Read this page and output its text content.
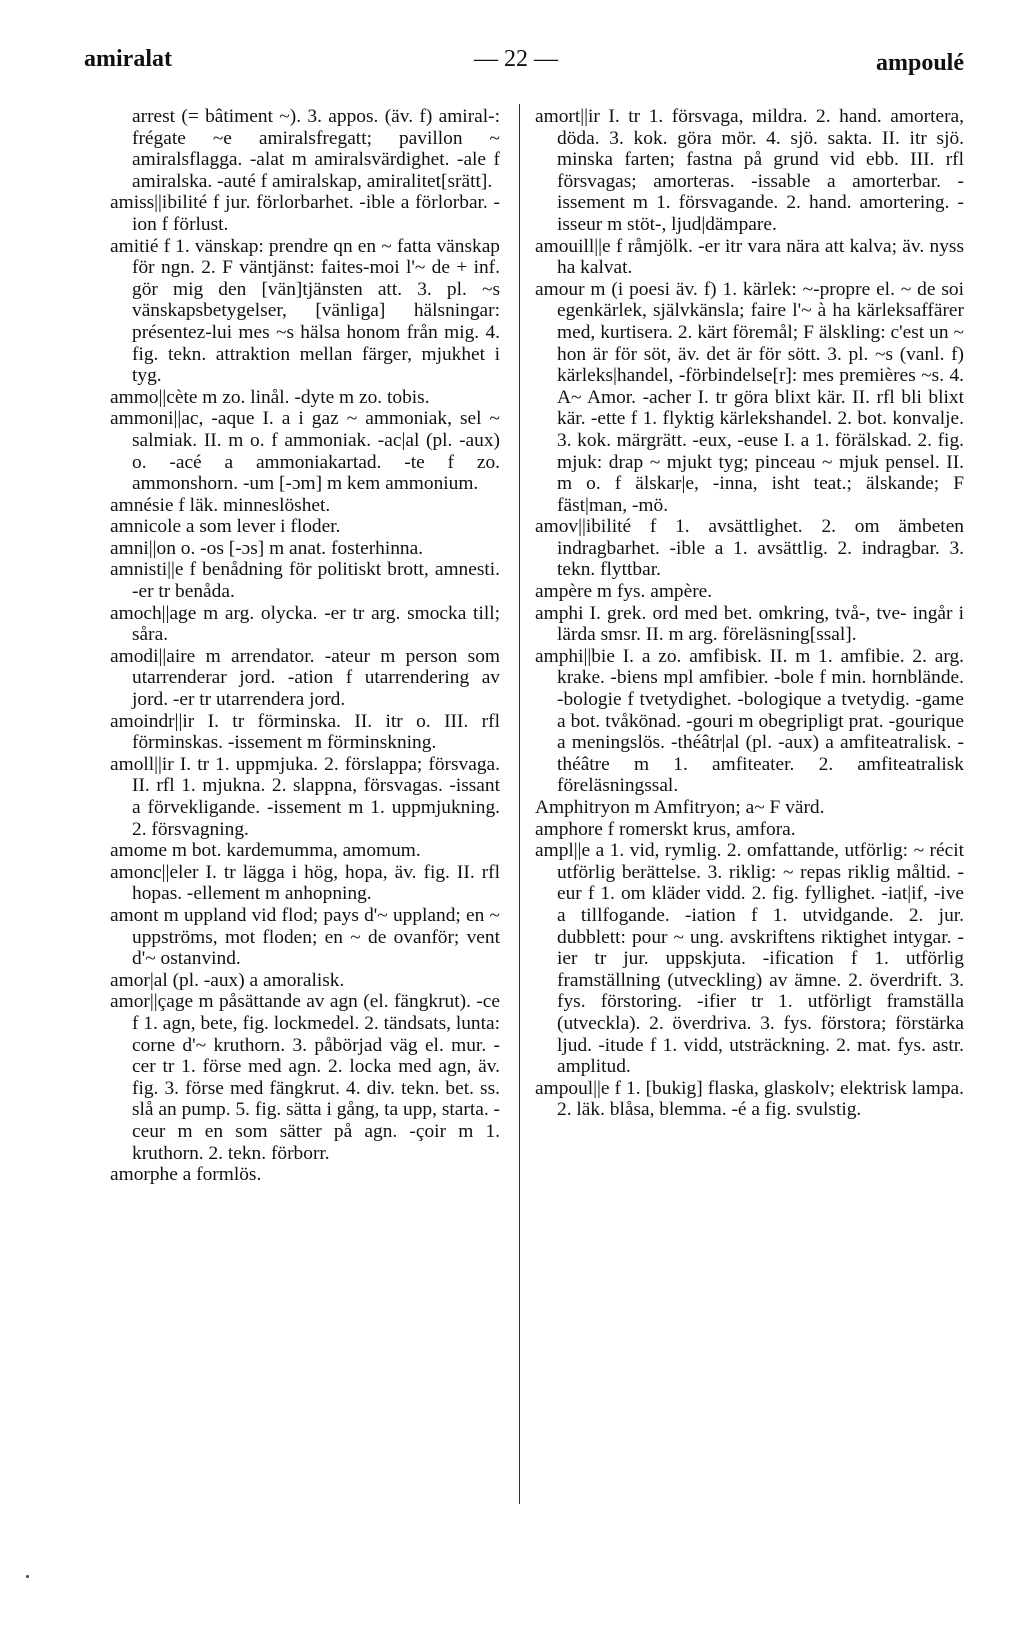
amiralat	— 22 —	ampoulé

arrest (= bâtiment ~). 3. appos. (äv. f) amiral-: frégate ~e amiralsfregatt; pavillon ~ amiralsflagga. -alat m amiralsvärdighet. -ale f amiralska. -auté f amiralskap, amiralitet[srätt].

amiss||ibilité f jur. förlorbarhet. -ible a förlorbar. -ion f förlust.

amitié f 1. vänskap: prendre qn en ~ fatta vänskap för ngn. 2. F väntjänst: faites-moi l'~ de + inf. gör mig den [vän]tjänsten att. 3. pl. ~s vänskapsbetygelser, [vänliga] hälsningar: présentez-lui mes ~s hälsa honom från mig. 4. fig. tekn. attraktion mellan färger, mjukhet i tyg.

ammo||cète m zo. linål. -dyte m zo. tobis.

ammoni||ac, -aque I. a i gaz ~ ammoniak, sel ~ salmiak. II. m o. f ammoniak. -ac|al (pl. -aux) o. -acé a ammoniakartad. -te f zo. ammonshorn. -um [-ɔm] m kem ammonium.

amnésie f läk. minneslöshet.

amnicole a som lever i floder.

amni||on o. -os [-ɔs] m anat. fosterhinna.

amnisti||e f benådning för politiskt brott, amnesti. -er tr benåda.

amoch||age m arg. olycka. -er tr arg. smocka till; såra.

amodi||aire m arrendator. -ateur m person som utarrenderar jord. -ation f utarrendering av jord. -er tr utarrendera jord.

amoindr||ir I. tr förminska. II. itr o. III. rfl förminskas. -issement m förminskning.

amoll||ir I. tr 1. uppmjuka. 2. förslappa; försvaga. II. rfl 1. mjukna. 2. slappna, försvagas. -issant a förvekligande. -issement m 1. uppmjukning. 2. försvagning.

amome m bot. kardemumma, amomum.

amonc||eler I. tr lägga i hög, hopa, äv. fig. II. rfl hopas. -ellement m anhopning.

amont m uppland vid flod; pays d'~ uppland; en ~ uppströms, mot floden; en ~ de ovanför; vent d'~ ostanvind.

amor|al (pl. -aux) a amoralisk.

amor||çage m påsättande av agn (el. fängkrut). -ce f 1. agn, bete, fig. lockmedel. 2. tändsats, lunta: corne d'~ kruthorn. 3. påbörjad väg el. mur. -cer tr 1. förse med agn. 2. locka med agn, äv. fig. 3. förse med fängkrut. 4. div. tekn. bet. ss. slå an pump. 5. fig. sätta i gång, ta upp, starta. -ceur m en som sätter på agn. -çoir m 1. kruthorn. 2. tekn. förborr.

amorphe a formlös.

amort||ir I. tr 1. försvaga, mildra. 2. hand. amortera, döda. 3. kok. göra mör. 4. sjö. sakta. II. itr sjö. minska farten; fastna på grund vid ebb. III. rfl försvagas; amorteras. -issable a amorterbar. -issement m 1. försvagande. 2. hand. amortering. -isseur m stöt-, ljud|dämpare.

amouill||e f råmjölk. -er itr vara nära att kalva; äv. nyss ha kalvat.

amour m (i poesi äv. f) 1. kärlek: ~-propre el. ~ de soi egenkärlek, självkänsla; faire l'~ à ha kärleksaffärer med, kurtisera. 2. kärt föremål; F älskling: c'est un ~ hon är för söt, äv. det är för sött. 3. pl. ~s (vanl. f) kärleks|handel, -förbindelse[r]: mes premières ~s. 4. A~ Amor. -acher I. tr göra blixt kär. II. rfl bli blixt kär. -ette f 1. flyktig kärlekshandel. 2. bot. konvalje. 3. kok. märgrätt. -eux, -euse I. a 1. förälskad. 2. fig. mjuk: drap ~ mjukt tyg; pinceau ~ mjuk pensel. II. m o. f älskar|e, -inna, isht teat.; älskande; F fäst|man, -mö.

amov||ibilité f 1. avsättlighet. 2. om ämbeten indragbarhet. -ible a 1. avsättlig. 2. indragbar. 3. tekn. flyttbar.

ampère m fys. ampère.

amphi I. grek. ord med bet. omkring, två-, tve- ingår i lärda smsr. II. m arg. föreläsning[ssal].

amphi||bie I. a zo. amfibisk. II. m 1. amfibie. 2. arg. krake. -biens mpl amfibier. -bole f min. hornblände. -bologie f tvetydighet. -bologique a tvetydig. -game a bot. tvåkönad. -gouri m obegripligt prat. -gourique a meningslös. -théâtr|al (pl. -aux) a amfiteatralisk. -théâtre m 1. amfiteater. 2. amfiteatralisk föreläsningssal.

Amphitryon m Amfitryon; a~ F värd.

amphore f romerskt krus, amfora.

ampl||e a 1. vid, rymlig. 2. omfattande, utförlig: ~ récit utförlig berättelse. 3. riklig: ~ repas riklig måltid. -eur f 1. om kläder vidd. 2. fig. fyllighet. -iat|if, -ive a tillfogande. -iation f 1. utvidgande. 2. jur. dubblett: pour ~ ung. avskriftens riktighet intygar. -ier tr jur. uppskjuta. -ification f 1. utförlig framställning (utveckling) av ämne. 2. överdrift. 3. fys. förstoring. -ifier tr 1. utförligt framställa (utveckla). 2. överdriva. 3. fys. förstora; förstärka ljud. -itude f 1. vidd, utsträckning. 2. mat. fys. astr. amplitud.

ampoul||e f 1. [bukig] flaska, glaskolv; elektrisk lampa. 2. läk. blåsa, blemma. -é a fig. svulstig.
